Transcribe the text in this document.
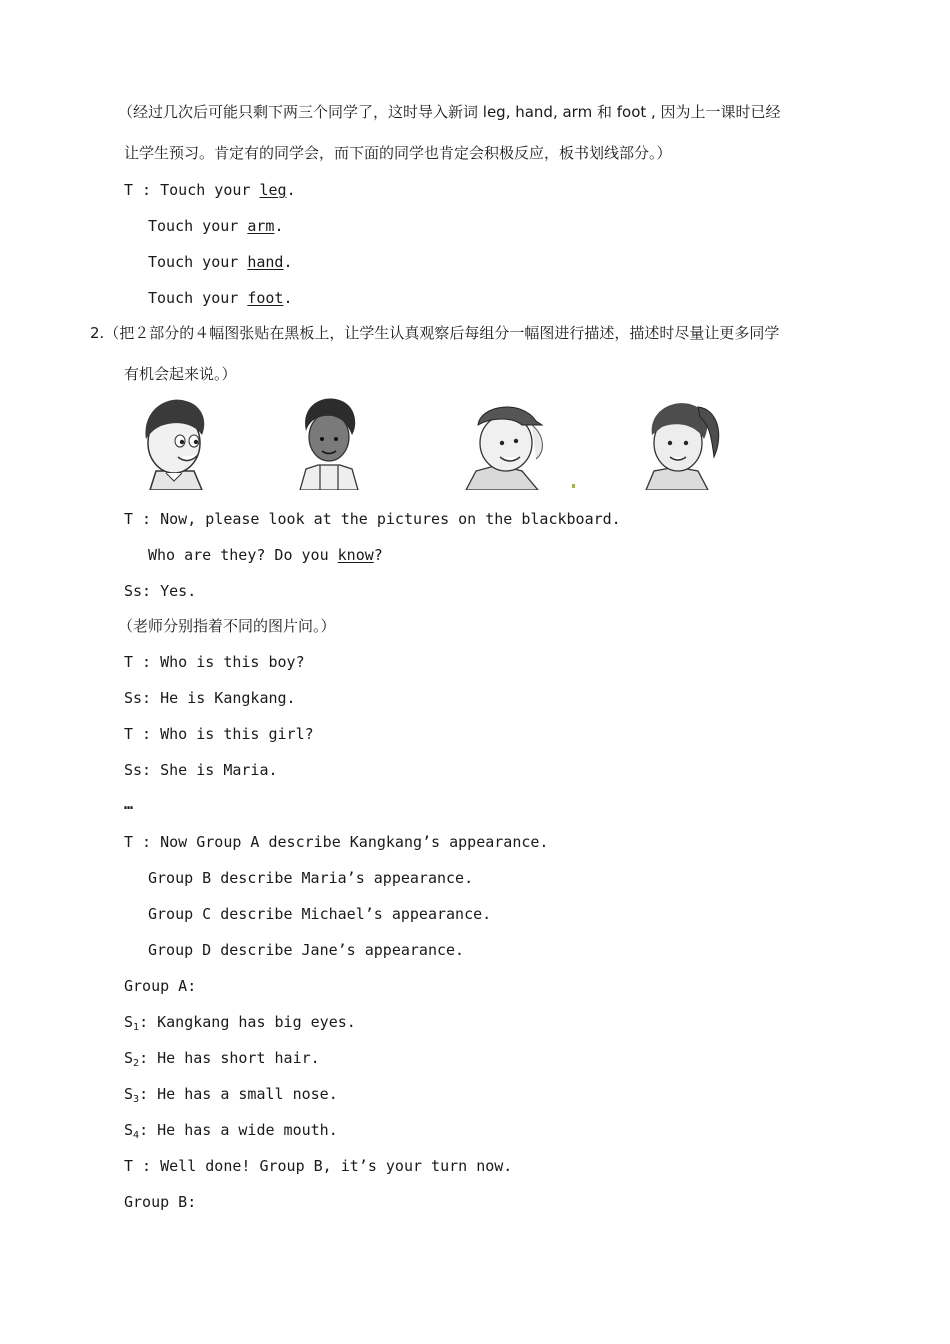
（经过几次后可能只剩下两三个同学了，这时导入新词 leg, hand, arm 和 foot , 因为上一课时已经
让学生预习。肯定有的同学会，而下面的同学也肯定会积极反应，板书划线部分。）
T : Touch your leg.
Touch your arm.
Touch your hand.
Touch your foot.
2.（把２部分的４幅图张贴在黑板上，让学生认真观察后每组分一幅图进行描述，描述时尽量让更多同学
有机会起来说。）
T : Now, please look at the pictures on the blackboard.
Who are they? Do you know?
Ss: Yes.
（老师分别指着不同的图片问。）
T : Who is this boy?
Ss: He is Kangkang.
T : Who is this girl?
Ss: She is Maria.
…
T : Now Group A describe Kangkang’s appearance.
Group B describe Maria’s appearance.
Group C describe Michael’s appearance.
Group D describe Jane’s appearance.
Group A:
$S_1$: Kangkang has big eyes.
$S_2$: He has short hair.
$S_3$: He has a small nose.
$S_4$: He has a wide mouth.
T : Well done! Group B, it’s your turn now.
Group B:
